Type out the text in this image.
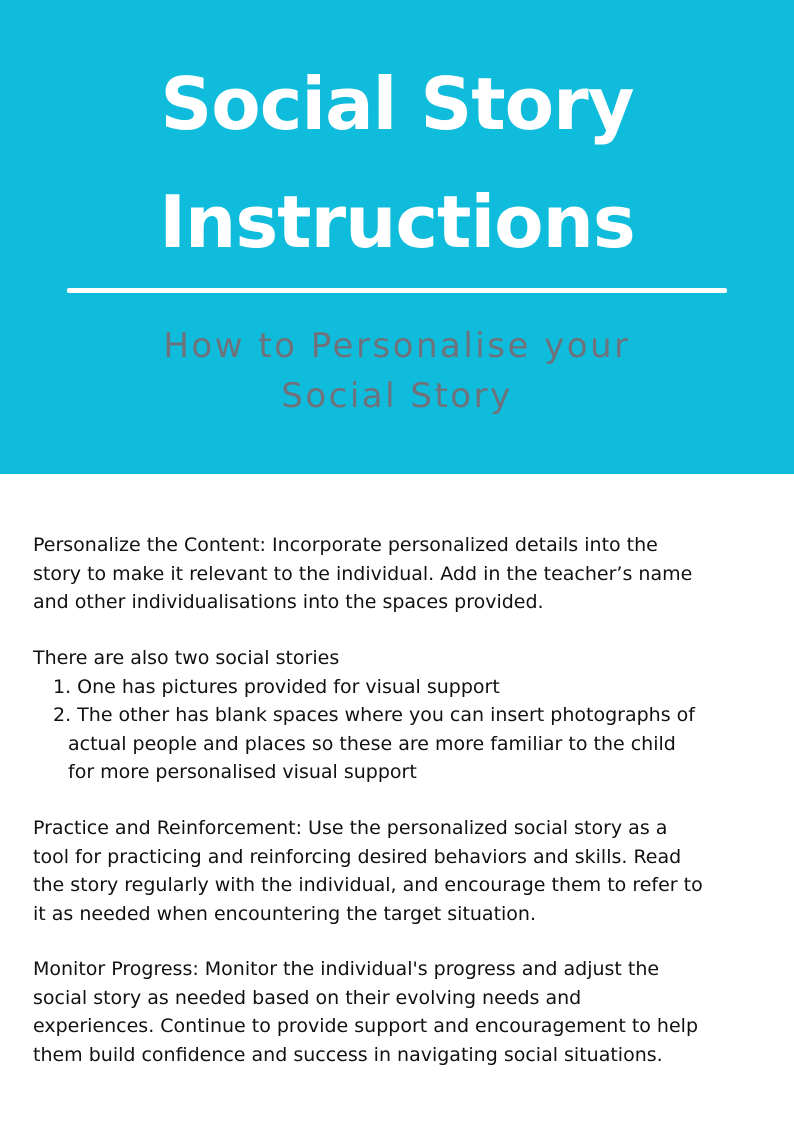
Social Story
Instructions

How to Personalise your

Social Story

Personalize the Content: Incorporate personalized details into the
story to make it relevant to the individual. Add in the teacher’s name
and other individualisations into the spaces provided.
There are also two social stories
1. One has pictures provided for visual support
2. The other has blank spaces where you can insert photographs of
actual people and places so these are more familiar to the child
for more personalised visual support
Practice and Reinforcement: Use the personalized social story as a
tool for practicing and reinforcing desired behaviors and skills. Read
the story regularly with the individual, and encourage them to refer to
it as needed when encountering the target situation.
Monitor Progress: Monitor the individual's progress and adjust the
social story as needed based on their evolving needs and
experiences. Continue to provide support and encouragement to help
them build confidence and success in navigating social situations.
